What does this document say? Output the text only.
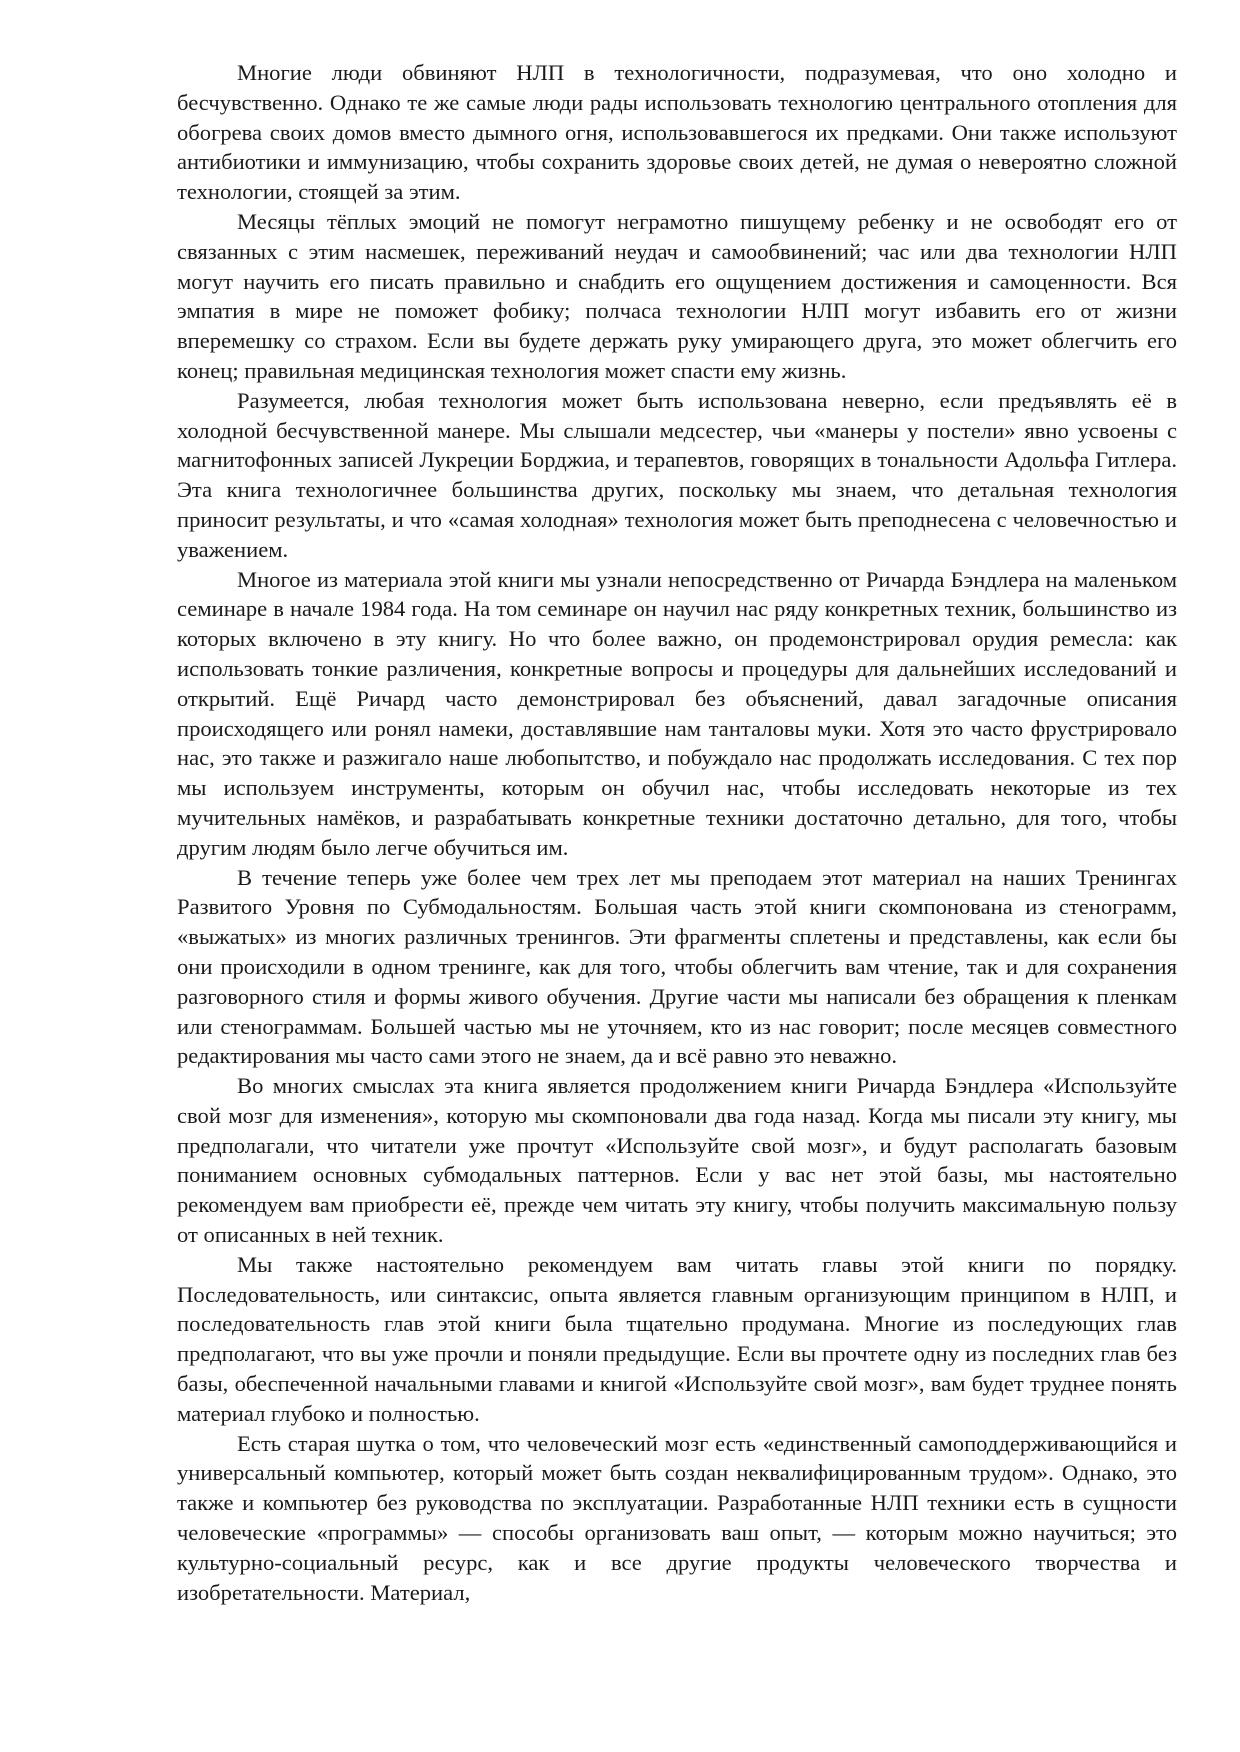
Многие люди обвиняют НЛП в технологичности, подразумевая, что оно холодно и бесчувственно. Однако те же самые люди рады использовать технологию центрального отопления для обогрева своих домов вместо дымного огня, использовавшегося их предками. Они также используют антибиотики и иммунизацию, чтобы сохранить здоровье своих детей, не думая о невероятно сложной технологии, стоящей за этим.

Месяцы тёплых эмоций не помогут неграмотно пишущему ребенку и не освободят его от связанных с этим насмешек, переживаний неудач и самообвинений; час или два технологии НЛП могут научить его писать правильно и снабдить его ощущением достижения и самоценности. Вся эмпатия в мире не поможет фобику; полчаса технологии НЛП могут избавить его от жизни вперемешку со страхом. Если вы будете держать руку умирающего друга, это может облегчить его конец; правильная медицинская технология может спасти ему жизнь.

Разумеется, любая технология может быть использована неверно, если предъявлять её в холодной бесчувственной манере. Мы слышали медсестер, чьи «манеры у постели» явно усвоены с магнитофонных записей Лукреции Борджиа, и терапевтов, говорящих в тональности Адольфа Гитлера. Эта книга технологичнее большинства других, поскольку мы знаем, что детальная технология приносит результаты, и что «самая холодная» технология может быть преподнесена с человечностью и уважением.

Многое из материала этой книги мы узнали непосредственно от Ричарда Бэндлера на маленьком семинаре в начале 1984 года. На том семинаре он научил нас ряду конкретных техник, большинство из которых включено в эту книгу. Но что более важно, он продемонстрировал орудия ремесла: как использовать тонкие различения, конкретные вопросы и процедуры для дальнейших исследований и открытий. Ещё Ричард часто демонстрировал без объяснений, давал загадочные описания происходящего или ронял намеки, доставлявшие нам танталовы муки. Хотя это часто фрустрировало нас, это также и разжигало наше любопытство, и побуждало нас продолжать исследования. С тех пор мы используем инструменты, которым он обучил нас, чтобы исследовать некоторые из тех мучительных намёков, и разрабатывать конкретные техники достаточно детально, для того, чтобы другим людям было легче обучиться им.

В течение теперь уже более чем трех лет мы преподаем этот материал на наших Тренингах Развитого Уровня по Субмодальностям. Большая часть этой книги скомпонована из стенограмм, «выжатых» из многих различных тренингов. Эти фрагменты сплетены и представлены, как если бы они происходили в одном тренинге, как для того, чтобы облегчить вам чтение, так и для сохранения разговорного стиля и формы живого обучения. Другие части мы написали без обращения к пленкам или стенограммам. Большей частью мы не уточняем, кто из нас говорит; после месяцев совместного редактирования мы часто сами этого не знаем, да и всё равно это неважно.

Во многих смыслах эта книга является продолжением книги Ричарда Бэндлера «Используйте свой мозг для изменения», которую мы скомпоновали два года назад. Когда мы писали эту книгу, мы предполагали, что читатели уже прочтут «Используйте свой мозг», и будут располагать базовым пониманием основных субмодальных паттернов. Если у вас нет этой базы, мы настоятельно рекомендуем вам приобрести её, прежде чем читать эту книгу, чтобы получить максимальную пользу от описанных в ней техник.

Мы также настоятельно рекомендуем вам читать главы этой книги по порядку. Последовательность, или синтаксис, опыта является главным организующим принципом в НЛП, и последовательность глав этой книги была тщательно продумана. Многие из последующих глав предполагают, что вы уже прочли и поняли предыдущие. Если вы прочтете одну из последних глав без базы, обеспеченной начальными главами и книгой «Используйте свой мозг», вам будет труднее понять материал глубоко и полностью.

Есть старая шутка о том, что человеческий мозг есть «единственный самоподдерживающийся и универсальный компьютер, который может быть создан неквалифицированным трудом». Однако, это также и компьютер без руководства по эксплуатации. Разработанные НЛП техники есть в сущности человеческие «программы» — способы организовать ваш опыт, — которым можно научиться; это культурно-социальный ресурс, как и все другие продукты человеческого творчества и изобретательности. Материал,
